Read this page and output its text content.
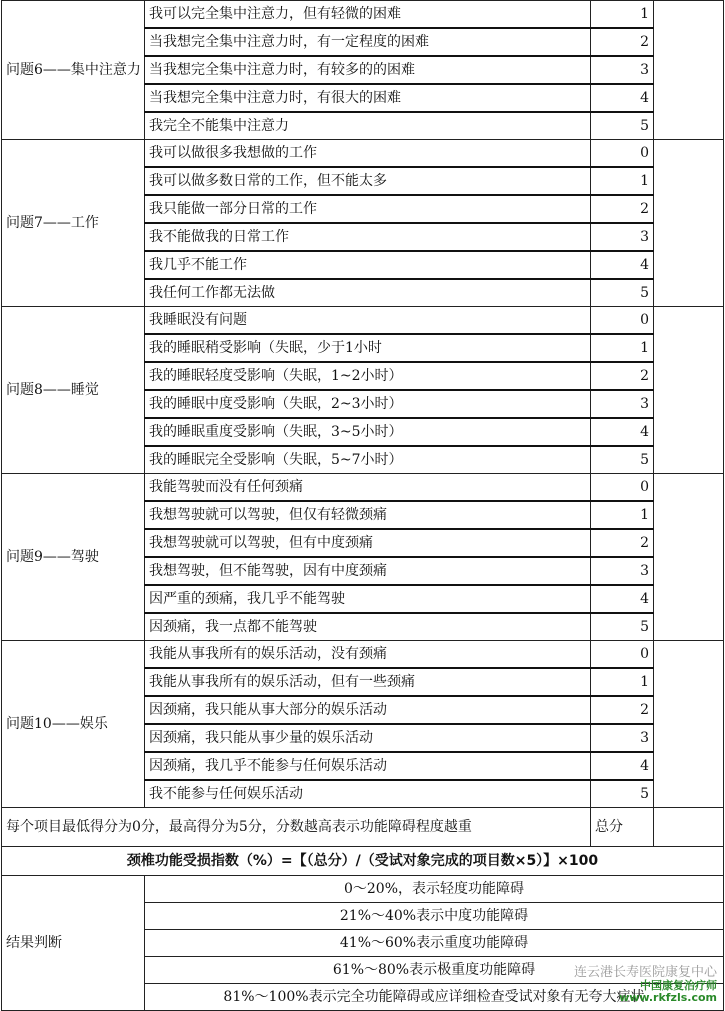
问题6——集中注意力	我可以完全集中注意力，但有轻微的困难	1	
	当我想完全集中注意力时，有一定程度的困难	2	
	当我想完全集中注意力时，有较多的的困难	3	
	当我想完全集中注意力时，有很大的困难	4	
	我完全不能集中注意力	5	
问题7——工作	我可以做很多我想做的工作	0	
	我可以做多数日常的工作，但不能太多	1	
	我只能做一部分日常的工作	2	
	我不能做我的日常工作	3	
	我几乎不能工作	4	
	我任何工作都无法做	5	
问题8——睡觉	我睡眠没有问题	0	
	我的睡眠稍受影响（失眠，少于1小时	1	
	我的睡眠轻度受影响（失眠，1~2小时）	2	
	我的睡眠中度受影响（失眠，2~3小时）	3	
	我的睡眠重度受影响（失眠，3~5小时）	4	
	我的睡眠完全受影响（失眠，5~7小时）	5	
问题9——驾驶	我能驾驶而没有任何颈痛	0	
	我想驾驶就可以驾驶，但仅有轻微颈痛	1	
	我想驾驶就可以驾驶，但有中度颈痛	2	
	我想驾驶，但不能驾驶，因有中度颈痛	3	
	因严重的颈痛，我几乎不能驾驶	4	
	因颈痛，我一点都不能驾驶	5	
问题10——娱乐	我能从事我所有的娱乐活动，没有颈痛	0	
	我能从事我所有的娱乐活动，但有一些颈痛	1	
	因颈痛，我只能从事大部分的娱乐活动	2	
	因颈痛，我只能从事少量的娱乐活动	3	
	因颈痛，我几乎不能参与任何娱乐活动	4	
	我不能参与任何娱乐活动	5	
每个项目最低得分为0分，最高得分为5分，分数越高表示功能障碍程度越重		总分	
颈椎功能受损指数（%）=【（总分）/（受试对象完成的项目数×5）】×100			
结果判断	0～20%，表示轻度功能障碍		
	21%～40%表示中度功能障碍		
	41%～60%表示重度功能障碍		
	61%～80%表示极重度功能障碍		
	81%～100%表示完全功能障碍或应详细检查受试对象有无夸大症状		
连云港长寿医院康复中心
中国康复治疗师
www.rkfzls.com
